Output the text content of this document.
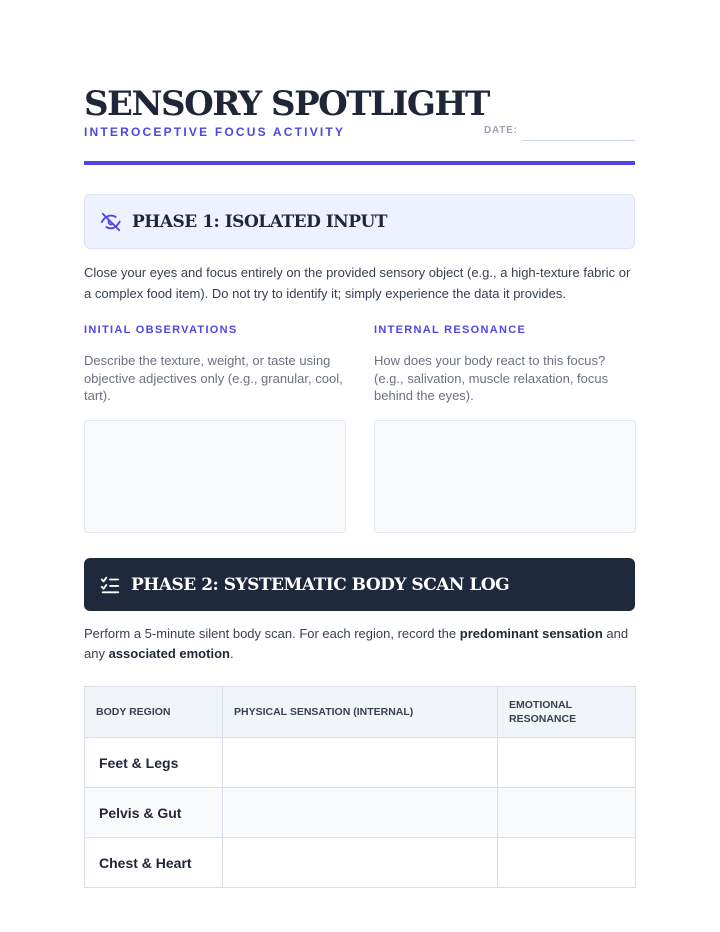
SENSORY SPOTLIGHT
INTEROCEPTIVE FOCUS ACTIVITY	DATE:
PHASE 1: ISOLATED INPUT

Close your eyes and focus entirely on the provided sensory object (e.g., a high-texture fabric or a complex food item). Do not try to identify it; simply experience the data it provides.

INITIAL OBSERVATIONS
Describe the texture, weight, or taste using objective adjectives only (e.g., granular, cool, tart).
INTERNAL RESONANCE
How does your body react to this focus? (e.g., salivation, muscle relaxation, focus behind the eyes).
PHASE 2: SYSTEMATIC BODY SCAN LOG

Perform a 5-minute silent body scan. For each region, record the predominant sensation and any associated emotion.

BODY REGION	PHYSICAL SENSATION (INTERNAL)	EMOTIONAL RESONANCE
Feet & Legs		
Pelvis & Gut		
Chest & Heart		
